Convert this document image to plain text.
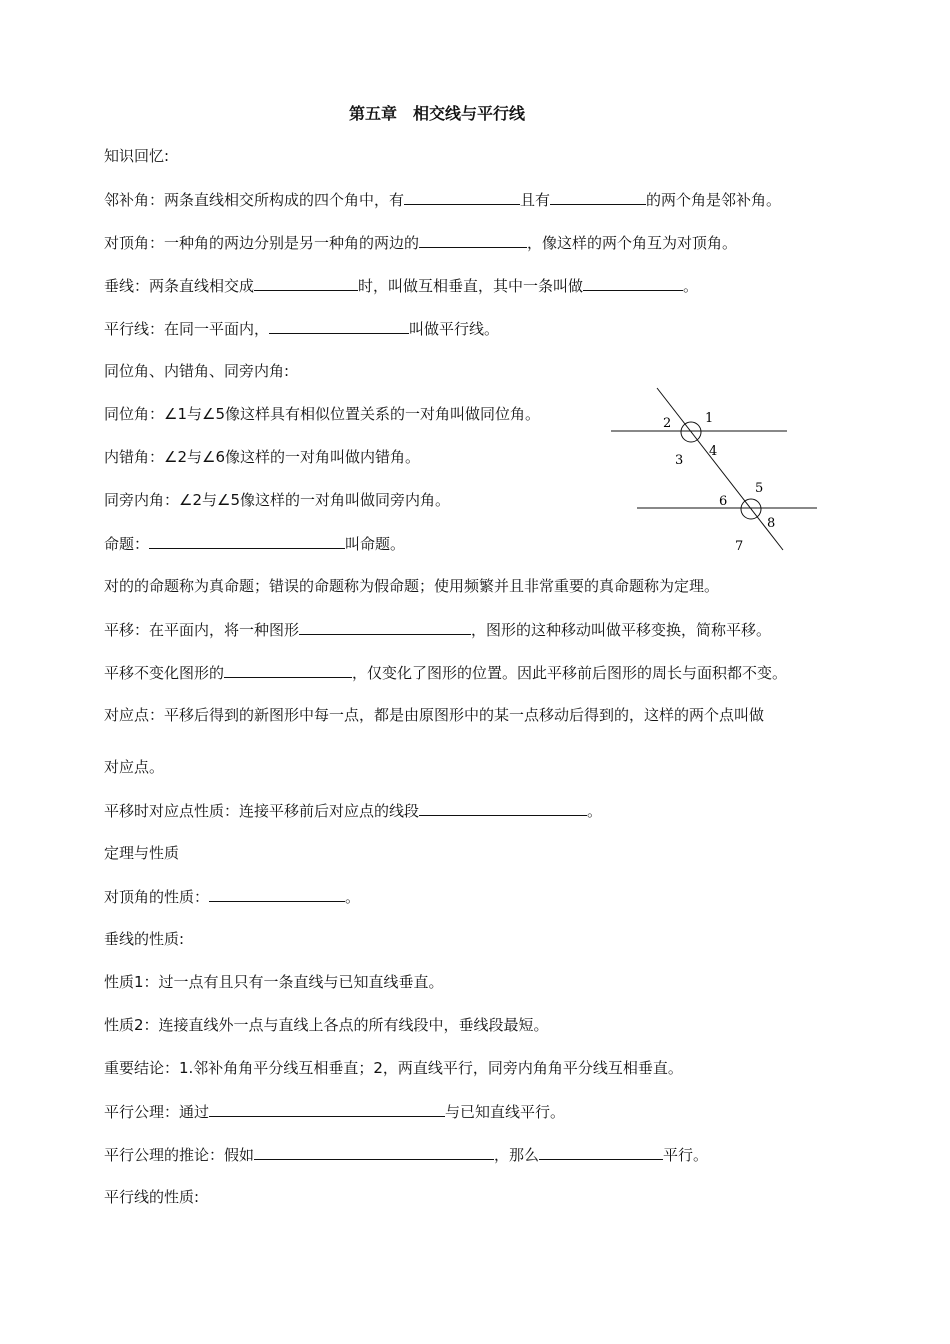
第五章　相交线与平行线
知识回忆:
邻补角：两条直线相交所构成的四个角中，有	且有	的两个角是邻补角。
对顶角：一种角的两边分别是另一种角的两边的	，像这样的两个角互为对顶角。
垂线：两条直线相交成	时，叫做互相垂直，其中一条叫做	。
平行线：在同一平面内，	叫做平行线。
同位角、内错角、同旁内角:
同位角：∠1与∠5像这样具有相似位置关系的一对角叫做同位角。
内错角：∠2与∠6像这样的一对角叫做内错角。
同旁内角：∠2与∠5像这样的一对角叫做同旁内角。
命题：	叫命题。
对的的命题称为真命题；错误的命题称为假命题；使用频繁并且非常重要的真命题称为定理。
平移：在平面内，将一种图形	，图形的这种移动叫做平移变换，简称平移。
平移不变化图形的	，仅变化了图形的位置。因此平移前后图形的周长与面积都不变。
对应点：平移后得到的新图形中每一点，都是由原图形中的某一点移动后得到的，这样的两个点叫做
对应点。
平移时对应点性质：连接平移前后对应点的线段	。
定理与性质
对顶角的性质：	。
垂线的性质:
性质1：过一点有且只有一条直线与已知直线垂直。
性质2：连接直线外一点与直线上各点的所有线段中，垂线段最短。
重要结论：1.邻补角角平分线互相垂直；2，两直线平行，同旁内角角平分线互相垂直。
平行公理：通过	与已知直线平行。
平行公理的推论：假如	，那么	平行。
平行线的性质:
1
2
3
4
5
6
7
8
